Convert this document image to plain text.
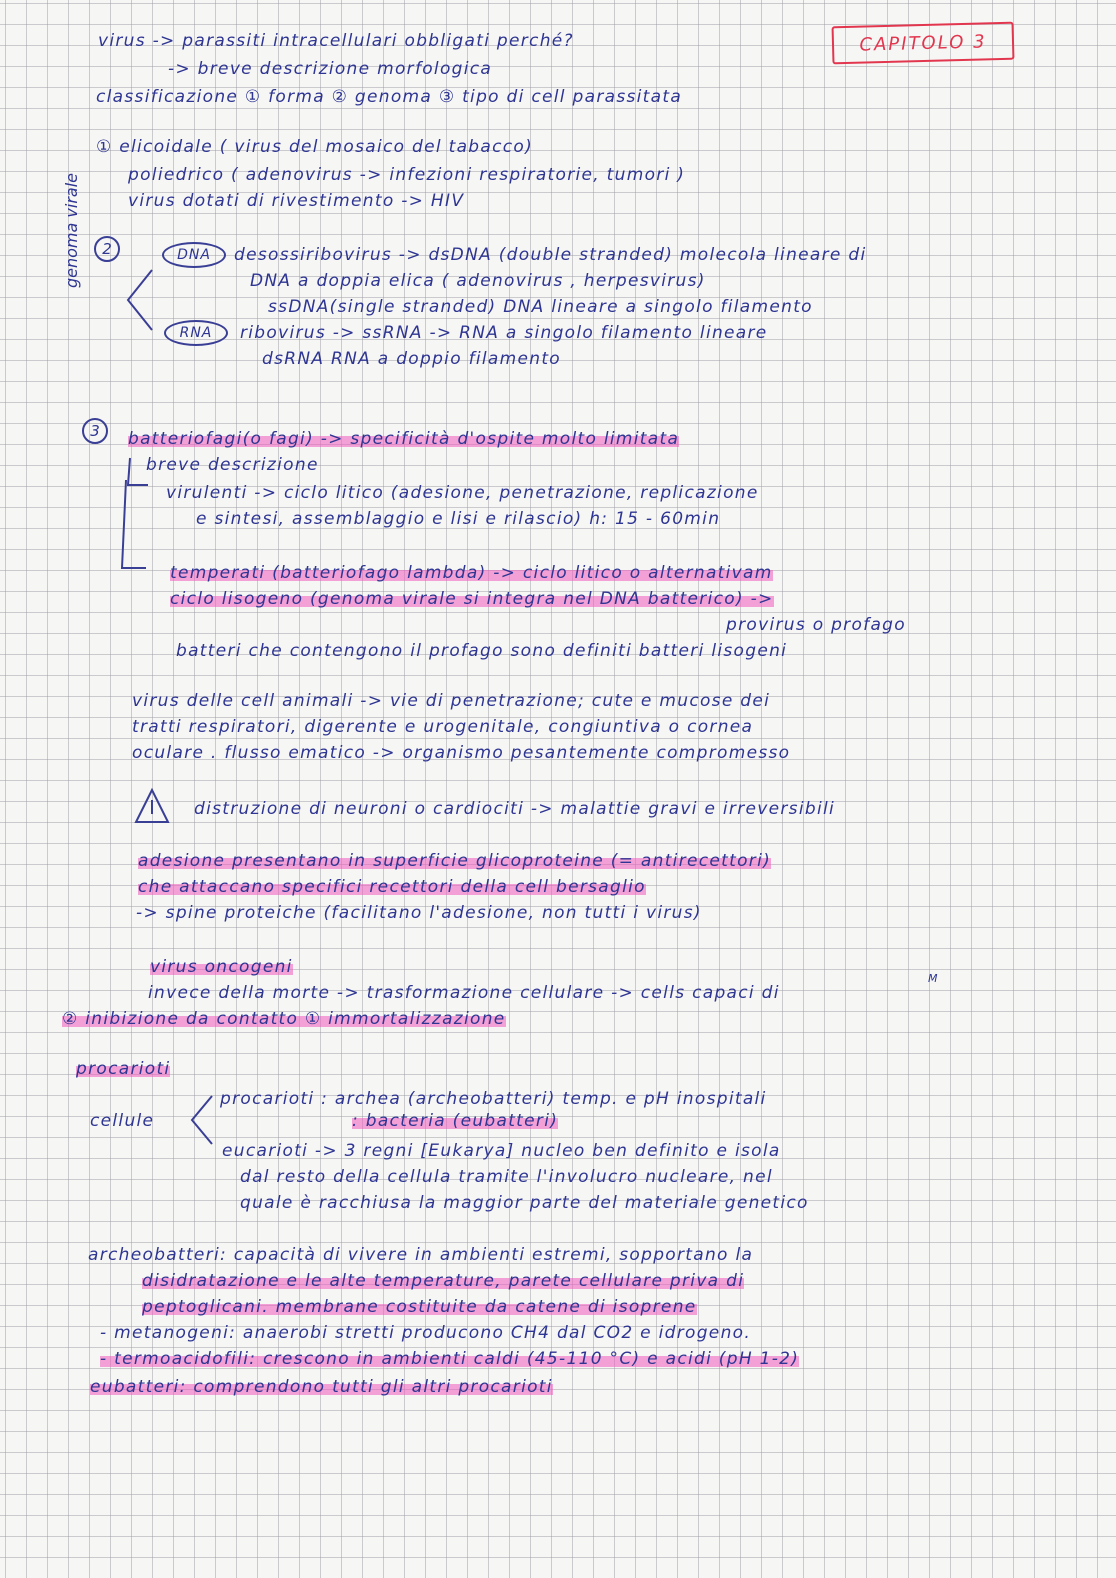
CAPITOLO 3
virus -> parassiti intracellulari obbligati perché?
-> breve descrizione morfologica
classificazione ① forma ② genoma ③ tipo di cell parassitata
① elicoidale ( virus del mosaico del tabacco)
poliedrico ( adenovirus -> infezioni respiratorie, tumori )
virus dotati di rivestimento -> HIV
2
genoma virale	DNA	desossiribovirus -> dsDNA (double stranded) molecola lineare di
DNA a doppia elica ( adenovirus , herpesvirus)
ssDNA(single stranded) DNA lineare a singolo filamento
RNA	ribovirus -> ssRNA -> RNA a singolo filamento lineare
dsRNA RNA a doppio filamento
3	batteriofagi(o fagi) -> specificità d'ospite molto limitata
breve descrizione
virulenti -> ciclo litico (adesione, penetrazione, replicazione
e sintesi, assemblaggio e lisi e rilascio) h: 15 - 60min
temperati (batteriofago lambda) -> ciclo litico o alternativam
ciclo lisogeno (genoma virale si integra nel DNA batterico) ->
provirus o profago
batteri che contengono il profago sono definiti batteri lisogeni
virus delle cell animali -> vie di penetrazione; cute e mucose dei
tratti respiratori, digerente e urogenitale, congiuntiva o cornea
oculare . flusso ematico -> organismo pesantemente compromesso
distruzione di neuroni o cardiociti -> malattie gravi e irreversibili
adesione presentano in superficie glicoproteine (= antirecettori)
che attaccano specifici recettori della cell bersaglio
-> spine proteiche (facilitano l'adesione, non tutti i virus)
virus oncogeni
invece della morte -> trasformazione cellulare -> cells capaci di
M
② inibizione da contatto ① immortalizzazione
procarioti
cellule
procarioti : archea (archeobatteri) temp. e pH inospitali
: bacteria (eubatteri)
eucarioti -> 3 regni [Eukarya] nucleo ben definito e isola
dal resto della cellula tramite l'involucro nucleare, nel
quale è racchiusa la maggior parte del materiale genetico
archeobatteri: capacità di vivere in ambienti estremi, sopportano la
disidratazione e le alte temperature, parete cellulare priva di
peptoglicani. membrane costituite da catene di isoprene
- metanogeni: anaerobi stretti producono CH4 dal CO2 e idrogeno.
- termoacidofili: crescono in ambienti caldi (45-110 °C) e acidi (pH 1-2)
eubatteri: comprendono tutti gli altri procarioti
